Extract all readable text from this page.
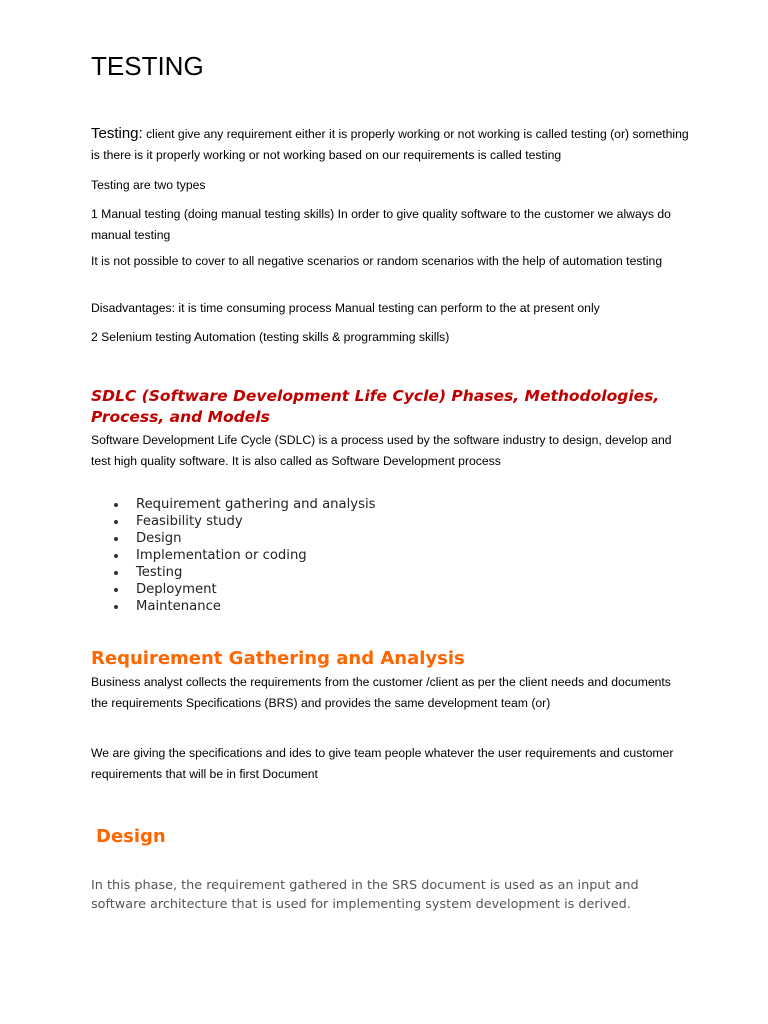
TESTING

Testing: client give any requirement either it is properly working or not working is called testing (or) something is there is it properly working or not working based on our requirements is called testing

Testing are two types

1 Manual testing (doing manual testing skills) In order to give quality software to the customer we always do manual testing

It is not possible to cover to all negative scenarios or random scenarios with the help of automation testing

Disadvantages: it is time consuming process Manual testing can perform to the at present only

2 Selenium testing Automation (testing skills & programming skills)

SDLC (Software Development Life Cycle) Phases, Methodologies, Process, and Models

Software Development Life Cycle (SDLC) is a process used by the software industry to design, develop and test high quality software. It is also called as Software Development process

Requirement gathering and analysis
Feasibility study
Design
Implementation or coding
Testing
Deployment
Maintenance
Requirement Gathering and Analysis

Business analyst collects the requirements from the customer /client as per the client needs and documents the requirements Specifications (BRS) and provides the same development team (or)

We are giving the specifications and ides to give team people whatever the user requirements and customer requirements that will be in first Document

Design

In this phase, the requirement gathered in the SRS document is used as an input and software architecture that is used for implementing system development is derived.
